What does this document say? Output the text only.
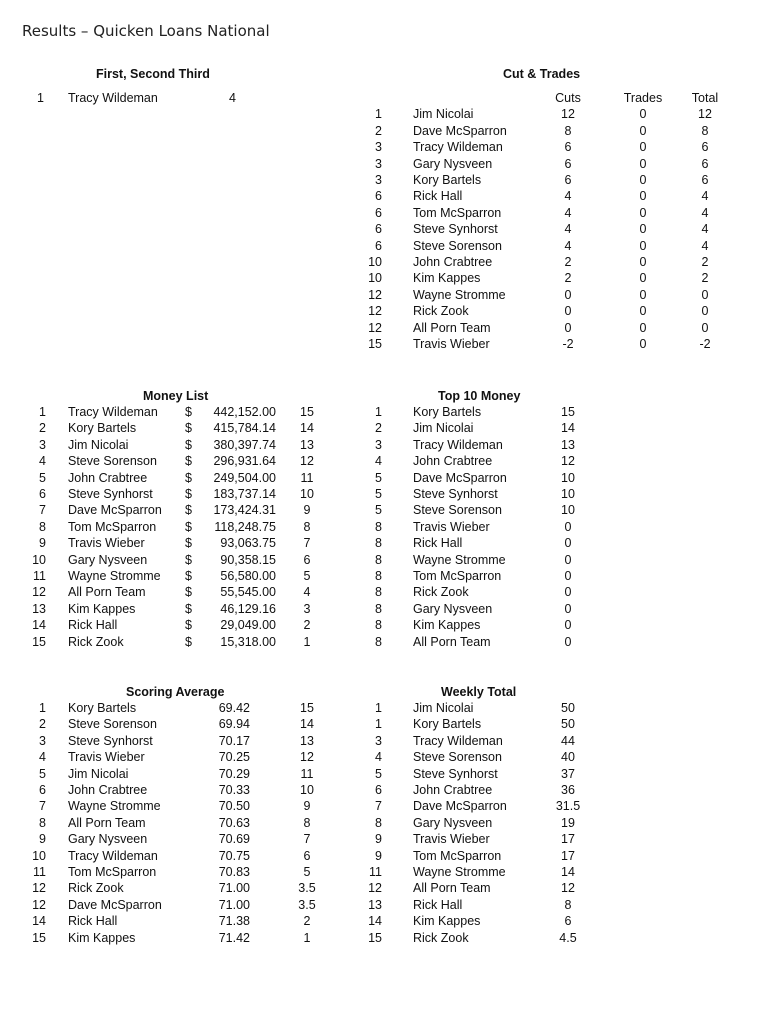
Results – Quicken Loans National
First, Second Third
1 Tracy Wildeman	4
Cut & Trades
Cuts	Trades	Total
1 Jim Nicolai	12	0	12
2 Dave McSparron	8	0	8
3 Tracy Wildeman	6	0	6
3 Gary Nysveen	6	0	6
3 Kory Bartels	6	0	6
6 Rick Hall	4	0	4
6 Tom McSparron	4	0	4
6 Steve Synhorst	4	0	4
6 Steve Sorenson	4	0	4
10 John Crabtree	2	0	2
10 Kim Kappes	2	0	2
12 Wayne Stromme	0	0	0
12 Rick Zook	0	0	0
12 All Porn Team	0	0	0
15 Travis Wieber	-2	0	-2
Money List
1 Tracy Wildeman $	442,152.00	15
2 Kory Bartels	$	415,784.14	14
3 Jim Nicolai	$	380,397.74	13
4 Steve Sorenson $	296,931.64	12
5 John Crabtree	$	249,504.00	11
6 Steve Synhorst	$	183,737.14	10
7 Dave McSparron $	173,424.31	9
8 Tom McSparron $	118,248.75	8
9 Travis Wieber	$	93,063.75	7
10 Gary Nysveen	$	90,358.15	6
11 Wayne Stromme $	56,580.00	5
12 All Porn Team	$	55,545.00	4
13 Kim Kappes	$	46,129.16	3
14 Rick Hall	$	29,049.00	2
15 Rick Zook	$	15,318.00	1
Top 10 Money
1 Kory Bartels	15
2 Jim Nicolai	14
3 Tracy Wildeman	13
4 John Crabtree	12
5 Dave McSparron	10
5 Steve Synhorst	10
5 Steve Sorenson	10
8 Travis Wieber	0
8 Rick Hall	0
8 Wayne Stromme	0
8 Tom McSparron	0
8 Rick Zook	0
8 Gary Nysveen	0
8 Kim Kappes	0
8 All Porn Team	0
Scoring Average
1 Kory Bartels	69.42	15
2 Steve Sorenson	69.94	14
3 Steve Synhorst	70.17	13
4 Travis Wieber	70.25	12
5 Jim Nicolai	70.29	11
6 John Crabtree	70.33	10
7 Wayne Stromme	70.50	9
8 All Porn Team	70.63	8
9 Gary Nysveen	70.69	7
10 Tracy Wildeman	70.75	6
11 Tom McSparron	70.83	5
12 Rick Zook	71.00	3.5
12 Dave McSparron	71.00	3.5
14 Rick Hall	71.38	2
15 Kim Kappes	71.42	1
Weekly Total
1 Jim Nicolai	50
1 Kory Bartels	50
3 Tracy Wildeman	44
4 Steve Sorenson	40
5 Steve Synhorst	37
6 John Crabtree	36
7 Dave McSparron	31.5
8 Gary Nysveen	19
9 Travis Wieber	17
9 Tom McSparron	17
11 Wayne Stromme	14
12 All Porn Team	12
13 Rick Hall	8
14 Kim Kappes	6
15 Rick Zook	4.5
